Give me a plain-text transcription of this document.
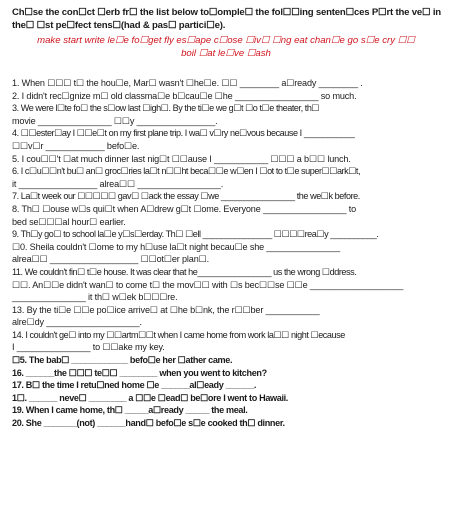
Ch☐se the con☐ct ☐erb fr☐ the list below to☐omple☐ the fol☐☐ing senten☐ces P☐rt the ve☐ in the☐ ☐st pe☐fect tens☐(had & pas☐ partici☐e).
make start write le☐e fo☐get fly es☐ape c☐ose ☐iv☐ ☐ng eat chan☐e go s☐e cry ☐☐ boil ☐at le☐ve ☐ash
1. When ☐☐☐ t☐ the hou☐e, Mar☐ wasn't ☐he☐e. ☐☐ ________ a☐ready ________ .
2. I didn't rec☐gnize m☐ old classma☐e b☐cau☐e ☐he _________________ so much.
3. We were l☐te fo☐ the s☐ow last ☐igh☐. By the ti☐e we g☐t ☐o t☐e theater, th☐
movie _______________ ☐☐y ________________.
4. ☐☐ester☐ay I ☐☐e☐t on my first plane trip. I wa☐ v☐ry ne☐vous because I ___________
☐☐v☐r ____________ befo☐e.
5. I cou☐☐'t ☐at much dinner last nig☐t ☐☐ause I ___________ ☐☐☐ a b☐☐ lunch.
6. I c☐u☐☐n't bu☐ an☐ groc☐ries la☐t n☐☐ht beca☐☐e w☐en I ☐ot to t☐e super☐☐ark☐t,
it ________________ alrea☐☐ _________________.
7. La☐t week our ☐☐☐☐☐ gav☐ ☐ack the essay ☐we ________________ the we☐k before.
8. Th☐ ☐ouse w☐s qui☐t when A☐drew g☐t ☐ome. Everyone _________________ to
bed se☐☐☐al hour☐ earlier.
9. Th☐y go☐ to school la☐e y☐s☐erday. Th☐ ☐ell _______________ ☐☐☐☐rea☐y __________.
☐0. Sheila couldn't ☐ome to my h☐use la☐t night becau☐e she _______________
alrea☐☐ __________________ ☐☐ot☐er plan☐.
11. We couldn't fin☐ t☐e house. It was clear that he________________ us the wrong ☐ddress.
☐☐. An☐☐e didn't wan☐ to come t☐ the mov☐☐ with ☐s bec☐☐se ☐☐e ___________________
_______________ it th☐ w☐ek b☐☐☐re.
13. By the ti☐e ☐☐e po☐ice arrive☐ at ☐he b☐nk, the r☐☐ber ___________
alre☐dy ___________________.
14. I couldn't ge☐ into my ☐☐artm☐☐t when I came home from work la☐☐ night ☐ecause
I _______________ to ☐☐ake my key.
☐5. The bab☐ ____________ befo☐e her ☐ather came.
16. ______the ☐☐☐ te☐☐ ________ when you went to kitchen?
17. B☐ the time I retu☐ned home ☐e ______al☐eady ______.
1☐. ______ neve☐ ________ a ☐☐e ☐ead☐ be☐ore I went to Hawaii.
19. When I came home, th☐ _____a☐ready _____ the meal.
20. She _______(not) ______hand☐ befo☐e s☐e cooked th☐ dinner.
